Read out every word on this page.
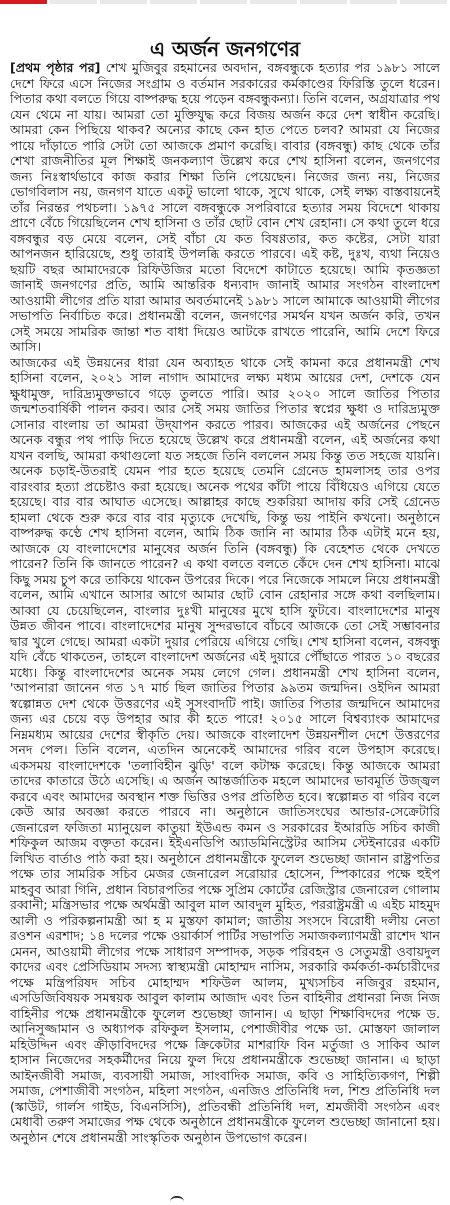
এ অর্জন জনগণের

[প্রথম পৃষ্ঠার পর] শেখ মুজিবুর রহমানের অবদান, বঙ্গবন্ধুকে হত্যার পর ১৯৮১ সালে দেশে ফিরে এসে নিজের সংগ্রাম ও বর্তমান সরকারের কর্মকাণ্ডের ফিরিস্তি তুলে ধরেন। পিতার কথা বলতে গিয়ে বাষ্পরুদ্ধ হয়ে পড়েন বঙ্গবন্ধুকন্যা। তিনি বলেন, অগ্রযাত্রার পথ যেন থেমে না যায়। আমরা তো মুক্তিযুদ্ধ করে বিজয় অর্জন করে দেশ স্বাধীন করেছি। আমরা কেন পিছিয়ে থাকব? অন্যের কাছে কেন হাত পেতে চলব? আমরা যে নিজের পায়ে দাঁড়াতে পারি সেটা তো আজকে প্রমাণ করেছি। বাবার (বঙ্গবন্ধু) কাছ থেকে তাঁর শেখা রাজনীতির মূল শিক্ষাই জনকল্যাণ উল্লেখ করে শেখ হাসিনা বলেন, জনগণের জন্য নিঃস্বার্থভাবে কাজ করার শিক্ষা তিনি পেয়েছেন। নিজের জন্য নয়, নিজের ভোগবিলাস নয়, জনগণ যাতে একটু ভালো থাকে, সুখে থাকে, সেই লক্ষ্য বাস্তবায়নেই তাঁর নিরন্তর পথচলা। ১৯৭৫ সালে বঙ্গবন্ধুকে সপরিবারে হত্যার সময় বিদেশে থাকায় প্রাণে বেঁচে গিয়েছিলেন শেখ হাসিনা ও তাঁর ছোট বোন শেখ রেহানা। সে কথা তুলে ধরে বঙ্গবন্ধুর বড় মেয়ে বলেন, সেই বাঁচা যে কত বিষণ্ণতার, কত কষ্টের, সেটা যারা আপনজন হারিয়েছে, শুধু তারাই উপলব্ধি করতে পারবে। এই কষ্ট, দুঃখ, ব্যথা নিয়েও ছয়টি বছর আমাদেরকে রিফিউজির মতো বিদেশে কাটাতে হয়েছে। আমি কৃতজ্ঞতা জানাই জনগণের প্রতি, আমি আন্তরিক ধন্যবাদ জানাই আমার সংগঠন বাংলাদেশ আওয়ামী লীগের প্রতি যারা আমার অবর্তমানেই ১৯৮১ সালে আমাকে আওয়ামী লীগের সভাপতি নির্বাচিত করে। প্রধানমন্ত্রী বলেন, জনগণের সমর্থন যখন অর্জন করি, তখন সেই সময়ে সামরিক জান্তা শত বাধা দিয়েও আটকে রাখতে পারেনি, আমি দেশে ফিরে আসি।

আজকের এই উন্নয়নের ধারা যেন অব্যাহত থাকে সেই কামনা করে প্রধানমন্ত্রী শেখ হাসিনা বলেন, ২০২১ সাল নাগাদ আমাদের লক্ষ্য মধ্যম আয়ের দেশ, দেশকে যেন ক্ষুধামুক্ত, দারিদ্র্যমুক্তভাবে গড়ে তুলতে পারি। আর ২০২০ সালে জাতির পিতার জন্মশতবার্ষিকী পালন করব। আর সেই সময় জাতির পিতার স্বপ্নের ক্ষুধা ও দারিদ্র্যমুক্ত সোনার বাংলায় তা আমরা উদ্‌যাপন করতে পারব। আজকের এই অর্জনের পেছনে অনেক বন্ধুর পথ পাড়ি দিতে হয়েছে উল্লেখ করে প্রধানমন্ত্রী বলেন, এই অর্জনের কথা যখন বলছি, আমরা কথাগুলো যত সহজে তিনি বললেন সময় কিন্তু তত সহজে যায়নি। অনেক চড়াই-উতরাই যেমন পার হতে হয়েছে তেমনি গ্রেনেড হামলাসহ তার ওপর বারংবার হত্যা প্রচেষ্টাও করা হয়েছে। অনেক পথের কাঁটা পায়ে বিঁধিয়েও এগিয়ে যেতে হয়েছে। বার বার আঘাত এসেছে। আল্লাহর কাছে শুকরিয়া আদায় করি সেই গ্রেনেড হামলা থেকে শুরু করে বার বার মৃত্যুকে দেখেছি, কিন্তু ভয় পাইনি কখনো। অনুষ্ঠানে বাষ্পরুদ্ধ কণ্ঠে শেখ হাসিনা বলেন, আমি ঠিক জানি না আমার ঠিক এটাই মনে হয়, আজকে যে বাংলাদেশের মানুষের অর্জন তিনি (বঙ্গবন্ধু) কি বেহেশত থেকে দেখতে পারেন? তিনি কি জানতে পারেন? এ কথা বলতে বলতে কেঁদে দেন শেখ হাসিনা। মাঝে কিছু সময় চুপ করে তাকিয়ে থাকেন উপরের দিকে। পরে নিজেকে সামলে নিয়ে প্রধানমন্ত্রী বলেন, আমি এখানে আসার আগে আমার ছোট বোন রেহানার সঙ্গে কথা বলছিলাম। আব্বা যে চেয়েছিলেন, বাংলার দুঃখী মানুষের মুখে হাসি ফুটবে। বাংলাদেশের মানুষ উন্নত জীবন পাবে। বাংলাদেশের মানুষ সুন্দরভাবে বাঁচবে আজকে তো সেই সম্ভাবনার দ্বার খুলে গেছে। আমরা একটা দুয়ার পেরিয়ে এগিয়ে গেছি। শেখ হাসিনা বলেন, বঙ্গবন্ধু যদি বেঁচে থাকতেন, তাহলে বাংলাদেশ অর্জনের এই দুয়ারে পৌঁছাতে পারত ১০ বছরের মধ্যে। কিন্তু বাংলাদেশের অনেক সময় লেগে গেল। প্রধানমন্ত্রী শেখ হাসিনা বলেন, 'আপনারা জানেন গত ১৭ মার্চ ছিল জাতির পিতার ৯৯তম জন্মদিন। ওইদিন আমরা স্বল্পোন্নত দেশ থেকে উত্তরণের এই সুসংবাদটি পাই। জাতির পিতার জন্মদিনে আমাদের জন্য এর চেয়ে বড় উপহার আর কী হতে পারে! ২০১৫ সালে বিশ্বব্যাংক আমাদের নিম্নমধ্যম আয়ের দেশের স্বীকৃতি দেয়। আজকে বাংলাদেশ উন্নয়নশীল দেশে উত্তরণের সনদ পেল। তিনি বলেন, এতদিন অনেকেই আমাদের গরিব বলে উপহাস করেছে। একসময় বাংলাদেশকে 'তলাবিহীন ঝুড়ি' বলে কটাক্ষ করেছে। কিন্তু আজকে আমরা তাদের কাতারে উঠে এসেছি। এ অর্জন আন্তর্জাতিক মহলে আমাদের ভাবমূর্তি উজ্জ্বল করবে এবং আমাদের অবস্থান শক্ত ভিত্তির ওপর প্রতিষ্ঠিত হবে। স্বল্পোন্নত বা গরিব বলে কেউ আর অবজ্ঞা করতে পারবে না। অনুষ্ঠানে জাতিসংঘের আন্ডার-সেক্রেটারি জেনারেল ফজিতা ম্যানুয়েল কাতুয়া ইউএন্ড কমন ও সরকারের ইআরডি সচিব কাজী শফিকুল আজম বক্তৃতা করেন। ইইএনডিপি অ্যাডমিনিস্ট্রেটর আসিম স্টেইনারের একটি লিখিত বার্তাও পাঠ করা হয়। অনুষ্ঠানে প্রধানমন্ত্রীকে ফুলেল শুভেচ্ছা জানান রাষ্ট্রপতির পক্ষে তার সামরিক সচিব মেজর জেনারেল সরোয়ার হোসেন, স্পিকারের পক্ষে হুইপ মাহবুব আরা গিনি, প্রধান বিচারপতির পক্ষে সুপ্রিম কোর্টের রেজিস্ট্রার জেনারেল গোলাম রব্বানী; মন্ত্রিসভার পক্ষে অর্থমন্ত্রী আবুল মাল আবদুল মুহিত, পররাষ্ট্রমন্ত্রী এ এইচ মাহমুদ আলী ও পরিকল্পনামন্ত্রী আ হ ম মুস্তফা কামাল; জাতীয় সংসদে বিরোধী দলীয় নেতা রওশন এরশাদ; ১৪ দলের পক্ষে ওয়ার্কার্স পার্টির সভাপতি সমাজকল্যাণমন্ত্রী রাশেদ খান মেনন, আওয়ামী লীগের পক্ষে সাধারণ সম্পাদক, সড়ক পরিবহন ও সেতুমন্ত্রী ওবায়দুল কাদের এবং প্রেসিডিয়াম সদস্য স্বাস্থ্যমন্ত্রী মোহাম্মদ নাসিম, সরকারি কর্মকর্তা-কর্মচারীদের পক্ষে মন্ত্রিপরিষদ সচিব মোহাম্মদ শফিউল আলম, মুখ্যসচিব নজিবুর রহমান, এসডিজিবিষয়ক সমন্বয়ক আবুল কালাম আজাদ এবং তিন বাহিনীর প্রধানরা নিজ নিজ বাহিনীর পক্ষে প্রধানমন্ত্রীকে ফুলেল শুভেচ্ছা জানান। এ ছাড়া শিক্ষাবিদদের পক্ষে ড. আনিসুজ্জামান ও অধ্যাপক রফিকুল ইসলাম, পেশাজীবীর পক্ষে ডা. মোস্তফা জালাল মহিউদ্দিন এবং ক্রীড়াবিদদের পক্ষে ক্রিকেটার মাশরাফি বিন মর্তুজা ও সাকিব আল হাসান নিজেদের সহকর্মীদের নিয়ে ফুল দিয়ে প্রধানমন্ত্রীকে শুভেচ্ছা জানান। এ ছাড়া আইনজীবী সমাজ, ব্যবসায়ী সমাজ, সাংবাদিক সমাজ, কবি ও সাহিত্যিকগণ, শিল্পী সমাজ, পেশাজীবী সংগঠন, মহিলা সংগঠন, এনজিও প্রতিনিধি দল, শিশু প্রতিনিধি দল (স্কাউট, গার্লস গাইড, বিএনসিসি), প্রতিবন্ধী প্রতিনিধি দল, শ্রমজীবী সংগঠন এবং মেধাবী তরুণ সমাজের পক্ষ থেকে অনুষ্ঠানে প্রধানমন্ত্রীকে ফুলেল শুভেচ্ছা জানানো হয়। অনুষ্ঠান শেষে প্রধানমন্ত্রী সাংস্কৃতিক অনুষ্ঠান উপভোগ করেন।
